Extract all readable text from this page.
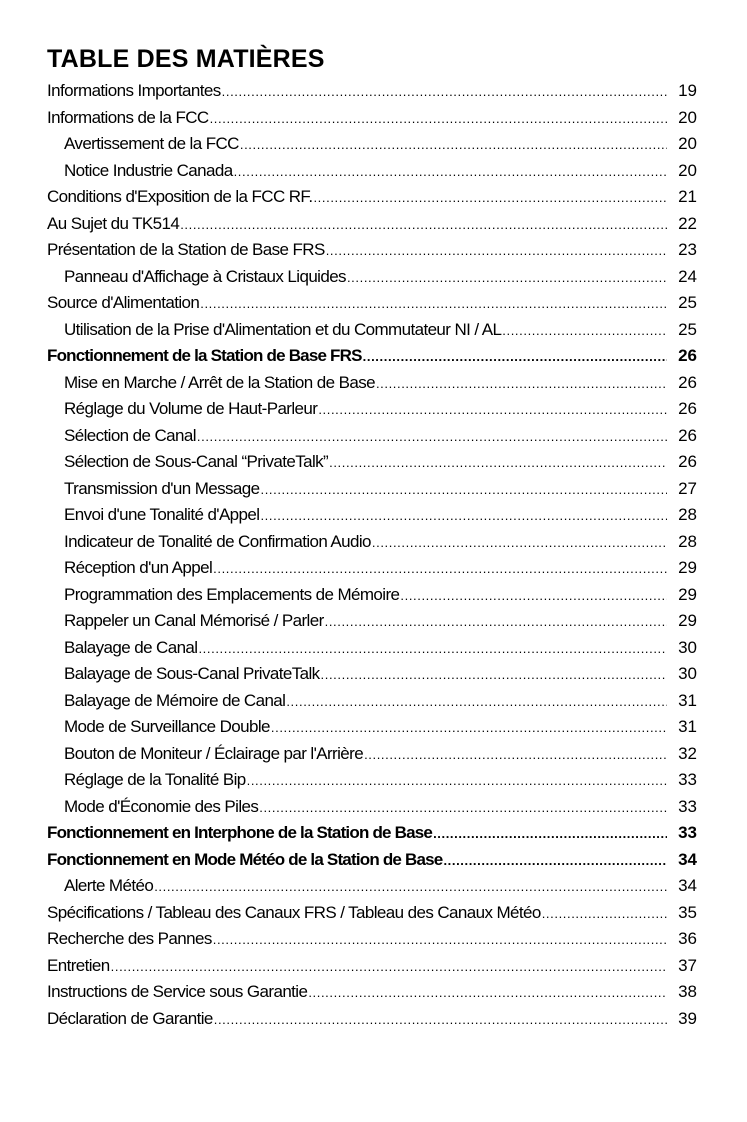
TABLE DES MATIÈRES
Informations Importantes .....	19
Informations de la FCC .....	20
Avertissement de la FCC .....	20
Notice Industrie Canada .....	20
Conditions d'Exposition de la FCC RF. .....	21
Au Sujet du TK514 .....	22
Présentation de la Station de Base FRS .....	23
Panneau d'Affichage à Cristaux Liquides .....	24
Source d'Alimentation .....	25
Utilisation de la Prise d'Alimentation et du Commutateur NI / AL .....	25
Fonctionnement de la Station de Base FRS .....	26
Mise en Marche / Arrêt de la Station de Base .....	26
Réglage du Volume de Haut-Parleur .....	26
Sélection de Canal .....	26
Sélection de Sous-Canal “PrivateTalk” .....	26
Transmission d'un Message .....	27
Envoi d'une Tonalité d'Appel .....	28
Indicateur de Tonalité de Confirmation Audio .....	28
Réception d'un Appel .....	29
Programmation des Emplacements de Mémoire .....	29
Rappeler un Canal Mémorisé / Parler .....	29
Balayage de Canal .....	30
Balayage de Sous-Canal PrivateTalk .....	30
Balayage de Mémoire de Canal .....	31
Mode de Surveillance Double .....	31
Bouton de Moniteur / Éclairage par l'Arrière .....	32
Réglage de la Tonalité Bip .....	33
Mode d'Économie des Piles .....	33
Fonctionnement en Interphone de la Station de Base .....	33
Fonctionnement en Mode Météo de la Station de Base .....	34
Alerte Météo .....	34
Spécifications / Tableau des Canaux FRS / Tableau des Canaux Météo .....	35
Recherche des Pannes .....	36
Entretien .....	37
Instructions de Service sous Garantie .....	38
Déclaration de Garantie .....	39
